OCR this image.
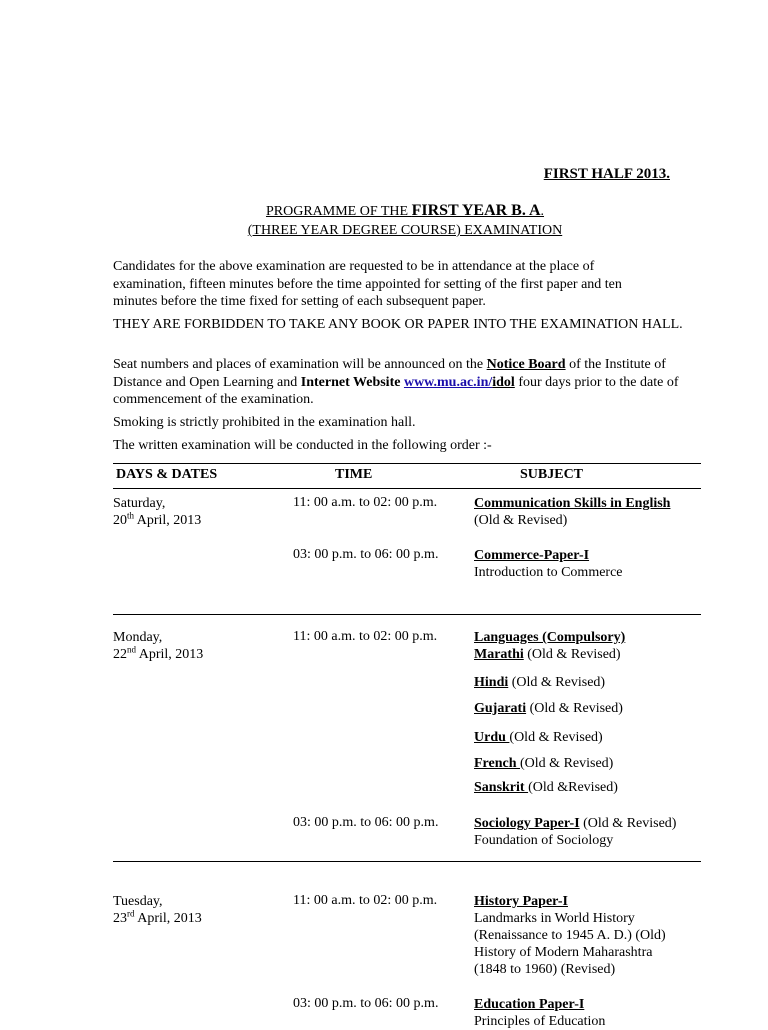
FIRST HALF 2013.
PROGRAMME OF THE FIRST YEAR B. A.
(THREE YEAR DEGREE COURSE) EXAMINATION
Candidates for the above examination are requested to be in attendance at the place of examination, fifteen minutes before the time appointed for setting of the first paper and ten minutes before the time fixed for setting of each subsequent paper.
THEY ARE FORBIDDEN TO TAKE ANY BOOK OR PAPER INTO THE EXAMINATION HALL.
Seat numbers and places of examination will be announced on the Notice Board of the Institute of Distance and Open Learning and Internet Website www.mu.ac.in/idol four days prior to the date of commencement of the examination.
Smoking is strictly prohibited in the examination hall.
The written examination will be conducted in the following order :-
DAYS & DATES	TIME	SUBJECT
Saturday,
20th April, 2013
11: 00 a.m. to 02: 00 p.m.	Communication Skills in English
(Old & Revised)
03: 00 p.m. to 06: 00 p.m.	Commerce-Paper-I
Introduction to Commerce
Monday,
22nd April, 2013
11: 00 a.m. to 02: 00 p.m.	Languages (Compulsory)
Marathi (Old & Revised)
Hindi (Old & Revised)
Gujarati (Old & Revised)
Urdu (Old & Revised)
French (Old & Revised)
Sanskrit (Old &Revised)
03: 00 p.m. to 06: 00 p.m.	Sociology Paper-I (Old & Revised)
Foundation of Sociology
Tuesday,
23rd April, 2013
11: 00 a.m. to 02: 00 p.m.	History Paper-I
Landmarks in World History
(Renaissance to 1945 A. D.) (Old)
History of Modern Maharashtra
(1848 to 1960) (Revised)
03: 00 p.m. to 06: 00 p.m.	Education Paper-I
Principles of Education
